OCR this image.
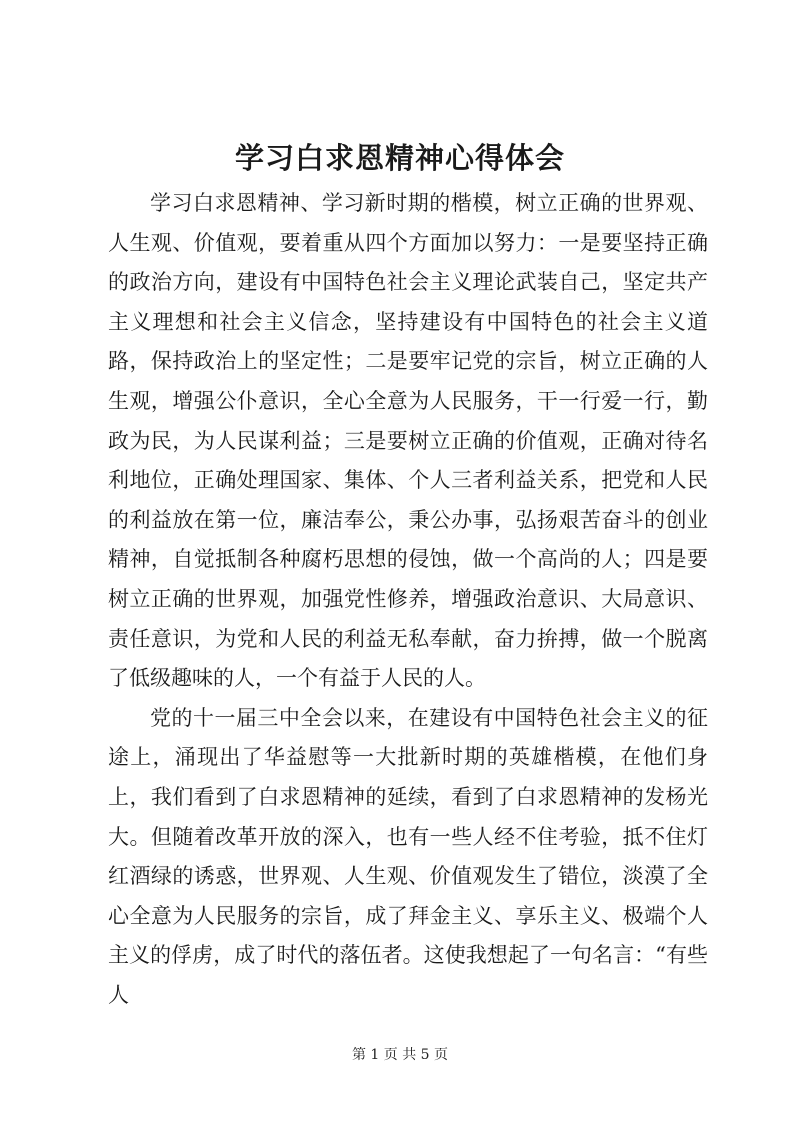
学习白求恩精神心得体会

学习白求恩精神、学习新时期的楷模，树立正确的世界观、人生观、价值观，要着重从四个方面加以努力：一是要坚持正确的政治方向，建设有中国特色社会主义理论武装自己，坚定共产主义理想和社会主义信念，坚持建设有中国特色的社会主义道路，保持政治上的坚定性；二是要牢记党的宗旨，树立正确的人生观，增强公仆意识，全心全意为人民服务，干一行爱一行，勤政为民，为人民谋利益；三是要树立正确的价值观，正确对待名利地位，正确处理国家、集体、个人三者利益关系，把党和人民的利益放在第一位，廉洁奉公，秉公办事，弘扬艰苦奋斗的创业精神，自觉抵制各种腐朽思想的侵蚀，做一个高尚的人；四是要树立正确的世界观，加强党性修养，增强政治意识、大局意识、责任意识，为党和人民的利益无私奉献，奋力拚搏，做一个脱离了低级趣味的人，一个有益于人民的人。

党的十一届三中全会以来，在建设有中国特色社会主义的征途上，涌现出了华益慰等一大批新时期的英雄楷模，在他们身上，我们看到了白求恩精神的延续，看到了白求恩精神的发杨光大。但随着改革开放的深入，也有一些人经不住考验，抵不住灯红酒绿的诱惑，世界观、人生观、价值观发生了错位，淡漠了全心全意为人民服务的宗旨，成了拜金主义、享乐主义、极端个人主义的俘虏，成了时代的落伍者。这使我想起了一句名言：“有些人

第 1 页 共 5 页
